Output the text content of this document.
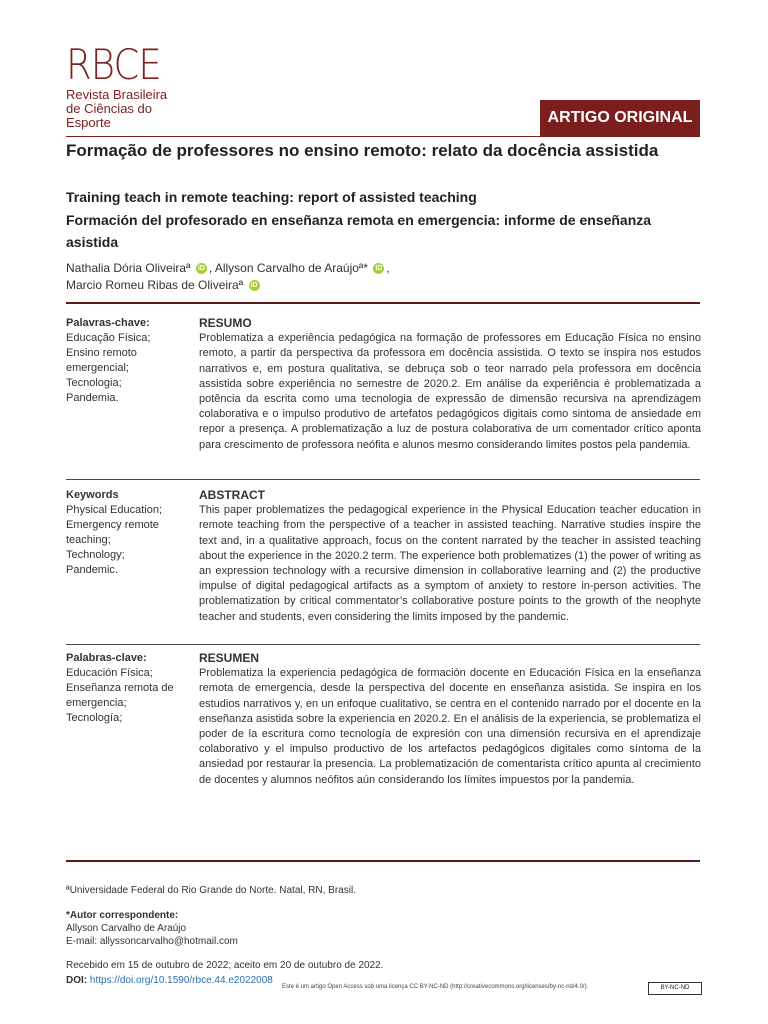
RBCE
Revista Brasileira
de Ciências do
Esporte	ARTIGO ORIGINAL
Formação de professores no ensino remoto: relato da docência assistida
Training teach in remote teaching: report of assisted teaching
Formación del profesorado en enseñanza remota en emergencia: informe de enseñanza asistida
Nathalia Dória Oliveiraª iD , Allyson Carvalho de Araújoª* iD ,
Marcio Romeu Ribas de Oliveiraª iD
Palavras-chave:
Educação Física;
Ensino remoto
emergencial;
Tecnologia;
Pandemia.
RESUMO
Problematiza a experiência pedagógica na formação de professores em Educação Física no ensino remoto, a partir da perspectiva da professora em docência assistida. O texto se inspira nos estudos narrativos e, em postura qualitativa, se debruça sob o teor narrado pela professora em docência assistida sobre experiência no semestre de 2020.2. Em análise da experiência é problematizada a potência da escrita como uma tecnologia de expressão de dimensão recursiva na aprendizagem colaborativa e o impulso produtivo de artefatos pedagógicos digitais como sintoma de ansiedade em repor a presença. A problematização a luz de postura colaborativa de um comentador crítico aponta para crescimento de professora neófita e alunos mesmo considerando limites postos pela pandemia.
Keywords
Physical Education;
Emergency remote
teaching;
Technology;
Pandemic.
ABSTRACT
This paper problematizes the pedagogical experience in the Physical Education teacher education in remote teaching from the perspective of a teacher in assisted teaching. Narrative studies inspire the text and, in a qualitative approach, focus on the content narrated by the teacher in assisted teaching about the experience in the 2020.2 term. The experience both problematizes (1) the power of writing as an expression technology with a recursive dimension in collaborative learning and (2) the productive impulse of digital pedagogical artifacts as a symptom of anxiety to restore in-person activities. The problematization by critical commentator’s collaborative posture points to the growth of the neophyte teacher and students, even considering the limits imposed by the pandemic.
Palabras-clave:
Educación Física;
Enseñanza remota de
emergencia;
Tecnología;
RESUMEN
Problematiza la experiencia pedagógica de formación docente en Educación Física en la enseñanza remota de emergencia, desde la perspectiva del docente en enseñanza asistida. Se inspira en los estudios narrativos y, en un enfoque cualitativo, se centra en el contenido narrado por el docente en la enseñanza asistida sobre la experiencia en 2020.2. En el análisis de la experiencia, se problematiza el poder de la escritura como tecnología de expresión con una dimensión recursiva en el aprendizaje colaborativo y el impulso productivo de los artefactos pedagógicos digitales como síntoma de la ansiedad por restaurar la presencia. La problematización de comentarista crítico apunta al crecimiento de docentes y alumnos neófitos aún considerando los límites impuestos por la pandemia.
ªUniversidade Federal do Rio Grande do Norte. Natal, RN, Brasil.
*Autor correspondente:
Allyson Carvalho de Araújo
E-mail: allyssoncarvalho@hotmail.com
Recebido em 15 de outubro de 2022; aceito em 20 de outubro de 2022.
DOI: https://doi.org/10.1590/rbce.44.e2022008
Este é um artigo Open Access sob uma licença CC BY-NC-ND (http://creativecommons.org/licenses/by-nc-nd/4.0/).	BY-NC-ND
